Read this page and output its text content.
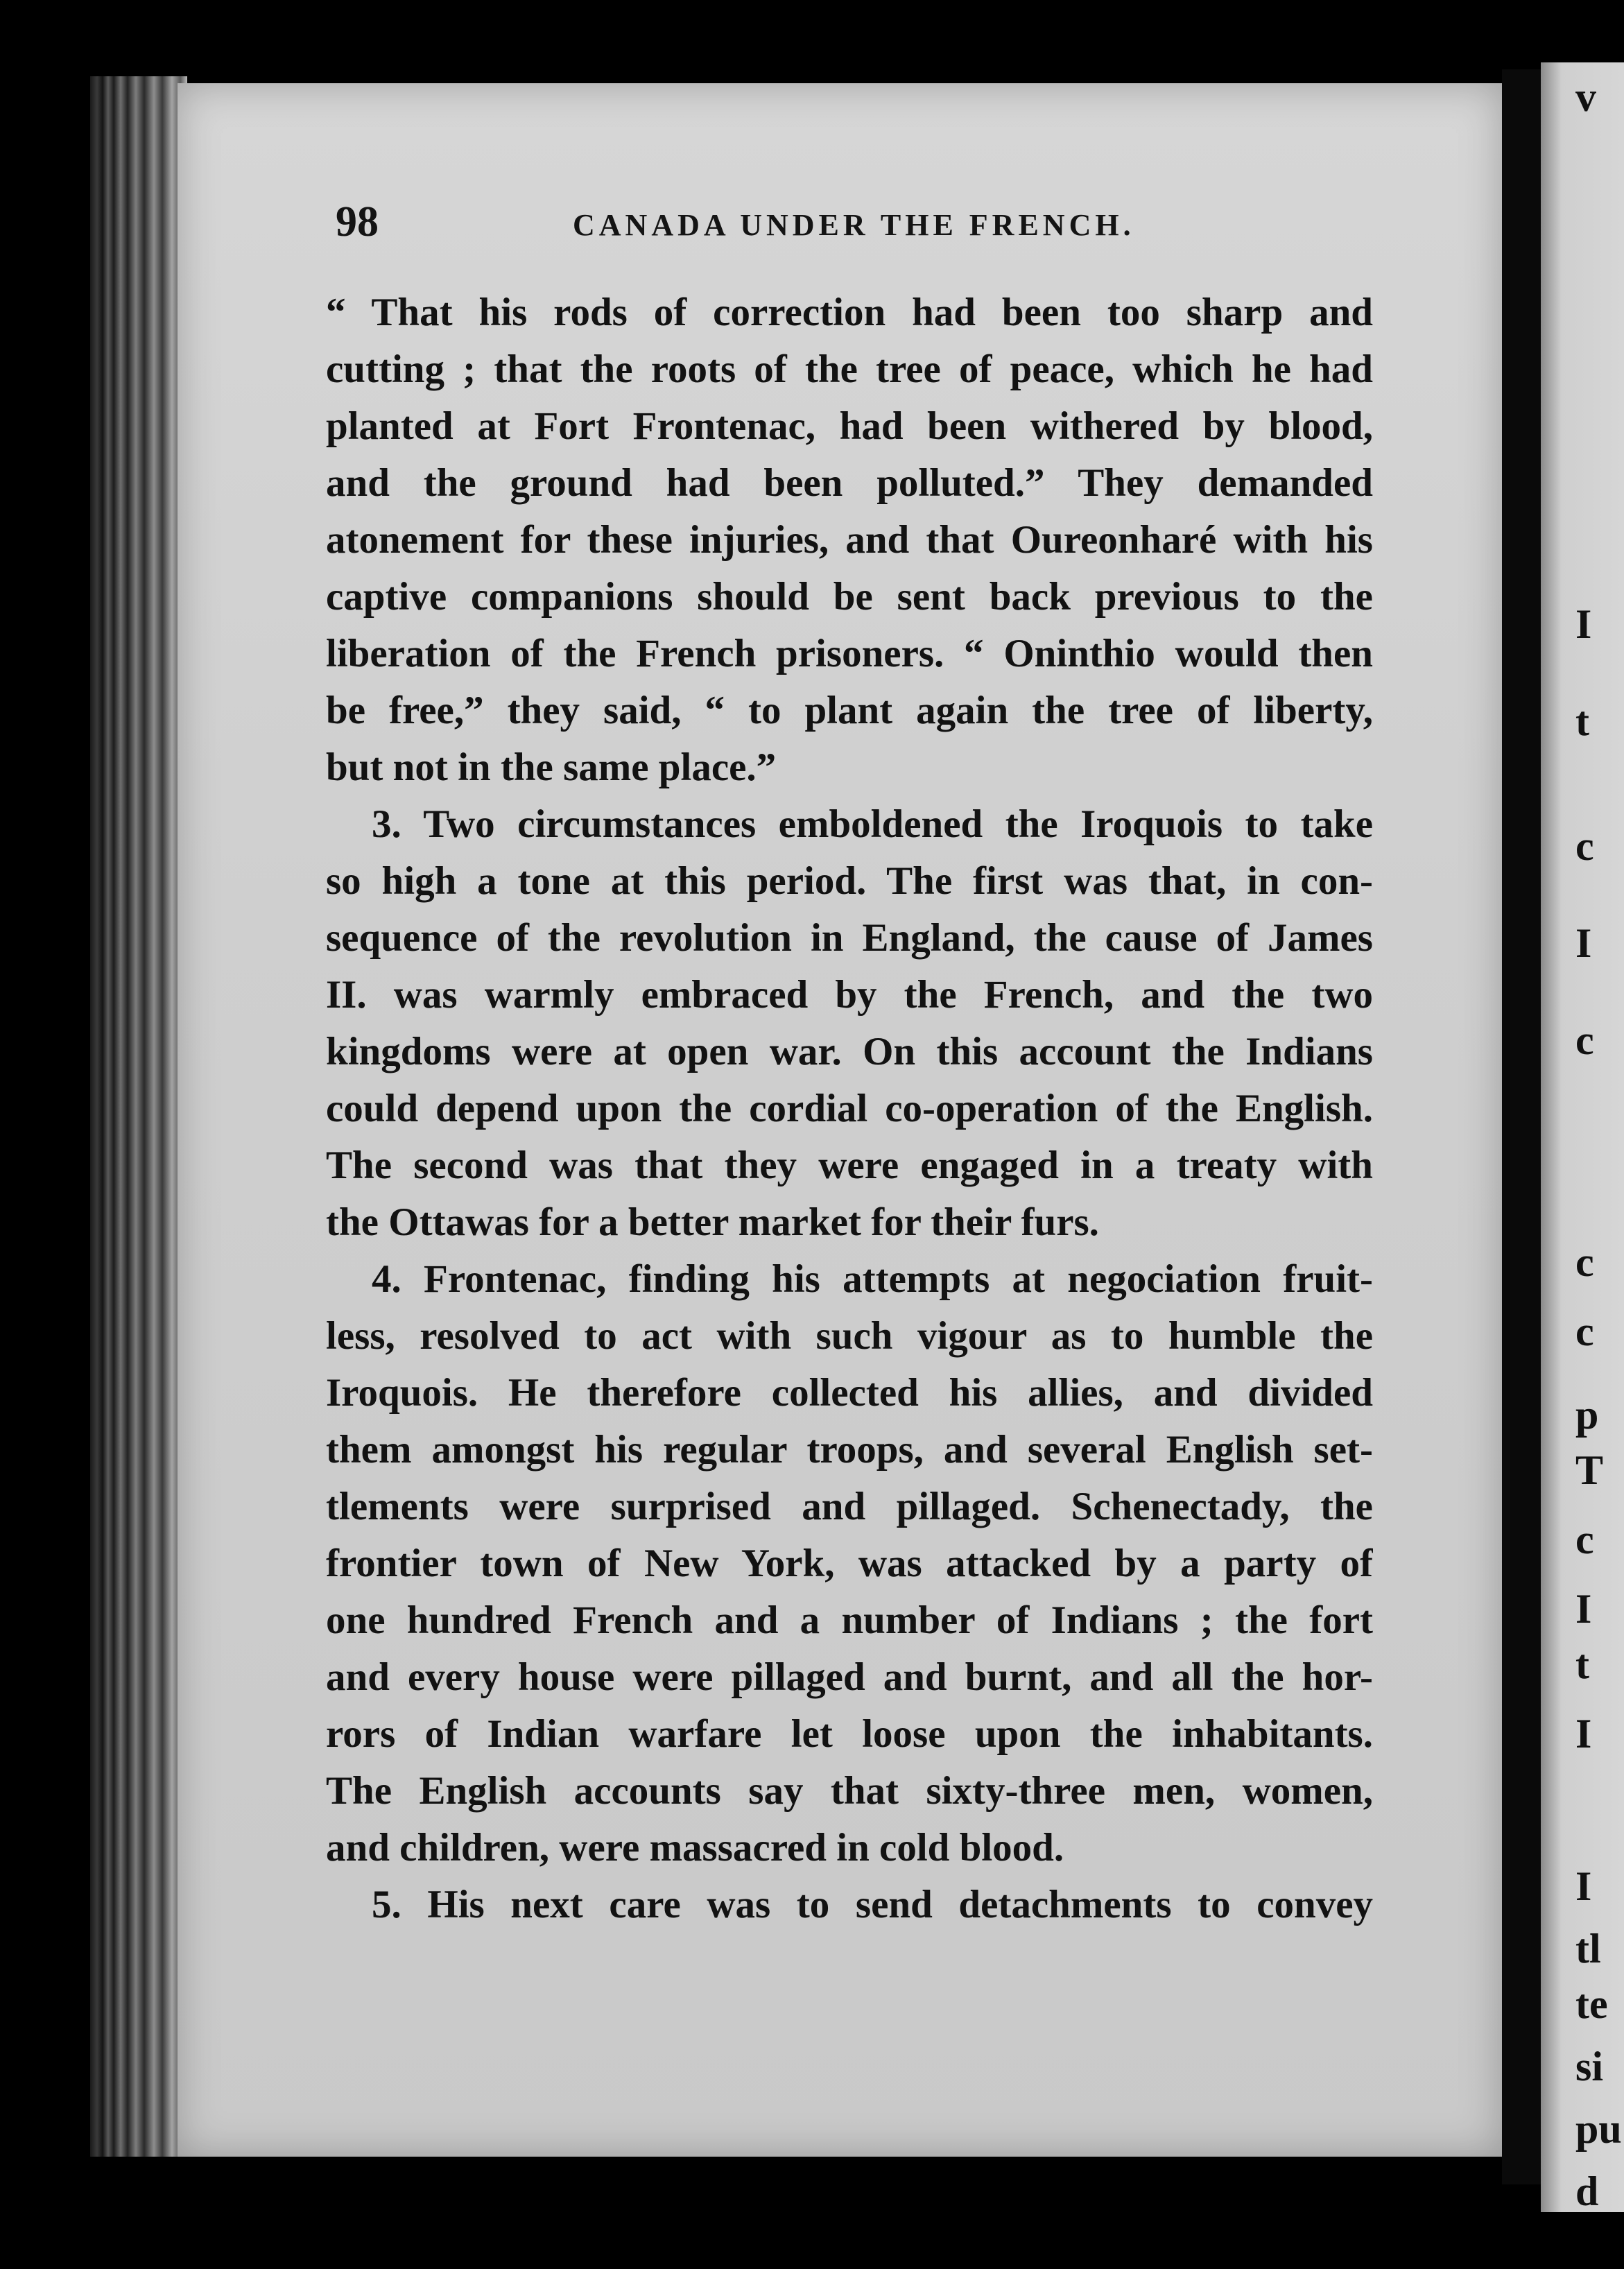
v
I
t
c
I
c
c
c
p
T
c
I
t
I
I
tl
te
si
pu
d
98	CANADA UNDER THE FRENCH.
“ That his rods of correction had been too sharp and
cutting ; that the roots of the tree of peace, which he had
planted at Fort Frontenac, had been withered by blood,
and the ground had been polluted.” They demanded
atonement for these injuries, and that Oureonharé with his
captive companions should be sent back previous to the
liberation of the French prisoners. “ Oninthio would then
be free,” they said, “ to plant again the tree of liberty,
but not in the same place.”
3. Two circumstances emboldened the Iroquois to take
so high a tone at this period. The first was that, in con-
sequence of the revolution in England, the cause of James
II. was warmly embraced by the French, and the two
kingdoms were at open war. On this account the Indians
could depend upon the cordial co-operation of the English.
The second was that they were engaged in a treaty with
the Ottawas for a better market for their furs.
4. Frontenac, finding his attempts at negociation fruit-
less, resolved to act with such vigour as to humble the
Iroquois. He therefore collected his allies, and divided
them amongst his regular troops, and several English set-
tlements were surprised and pillaged. Schenectady, the
frontier town of New York, was attacked by a party of
one hundred French and a number of Indians ; the fort
and every house were pillaged and burnt, and all the hor-
rors of Indian warfare let loose upon the inhabitants.
The English accounts say that sixty-three men, women,
and children, were massacred in cold blood.
5. His next care was to send detachments to convey
